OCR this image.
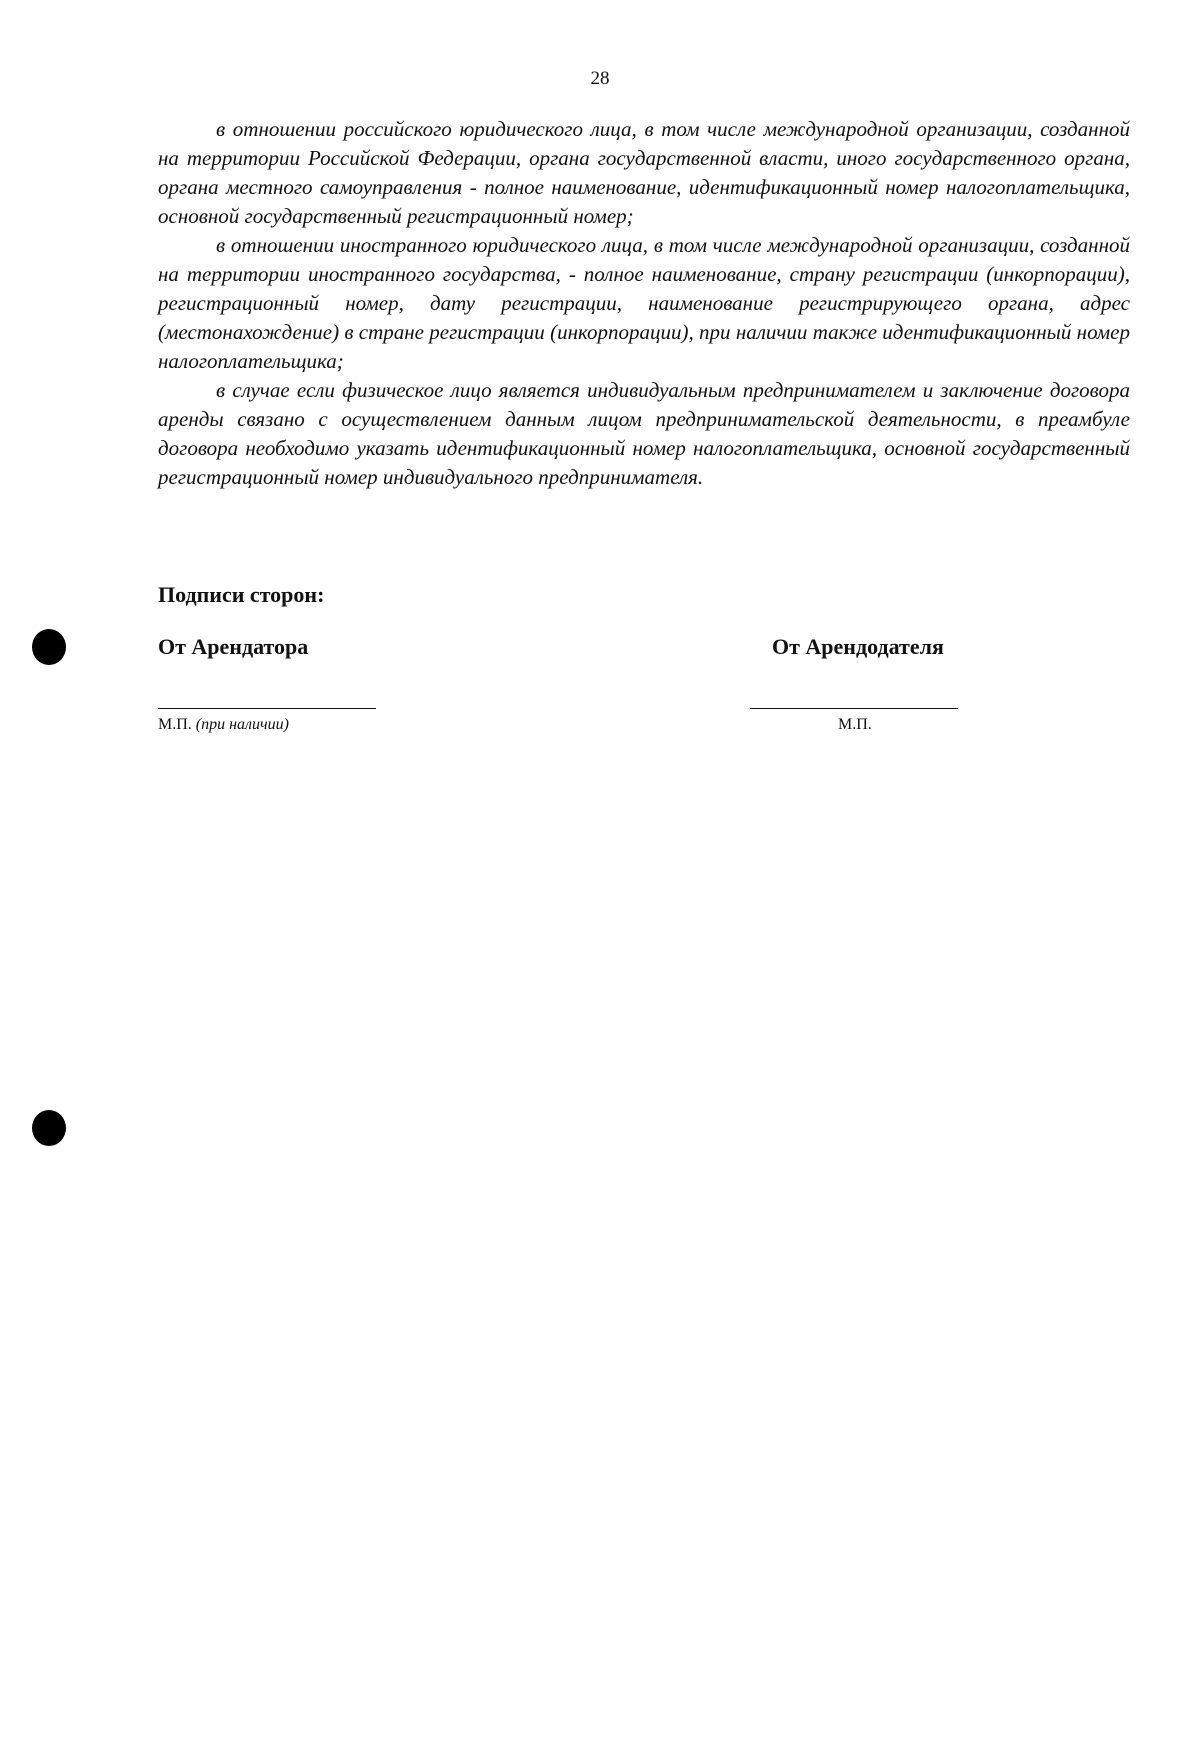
28

в отношении российского юридического лица, в том числе международной организации, созданной на территории Российской Федерации, органа государственной власти, иного государственного органа, органа местного самоуправления - полное наименование, идентификационный номер налогоплательщика, основной государственный регистрационный номер;

в отношении иностранного юридического лица, в том числе международной организации, созданной на территории иностранного государства, - полное наименование, страну регистрации (инкорпорации), регистрационный номер, дату регистрации, наименование регистрирующего органа, адрес (местонахождение) в стране регистрации (инкорпорации), при наличии также идентификационный номер налогоплательщика;

в случае если физическое лицо является индивидуальным предпринимателем и заключение договора аренды связано с осуществлением данным лицом предпринимательской деятельности, в преамбуле договора необходимо указать идентификационный номер налогоплательщика, основной государственный регистрационный номер индивидуального предпринимателя.

Подписи сторон:
От Арендатора	От Арендодателя
М.П. (при наличии)	М.П.
